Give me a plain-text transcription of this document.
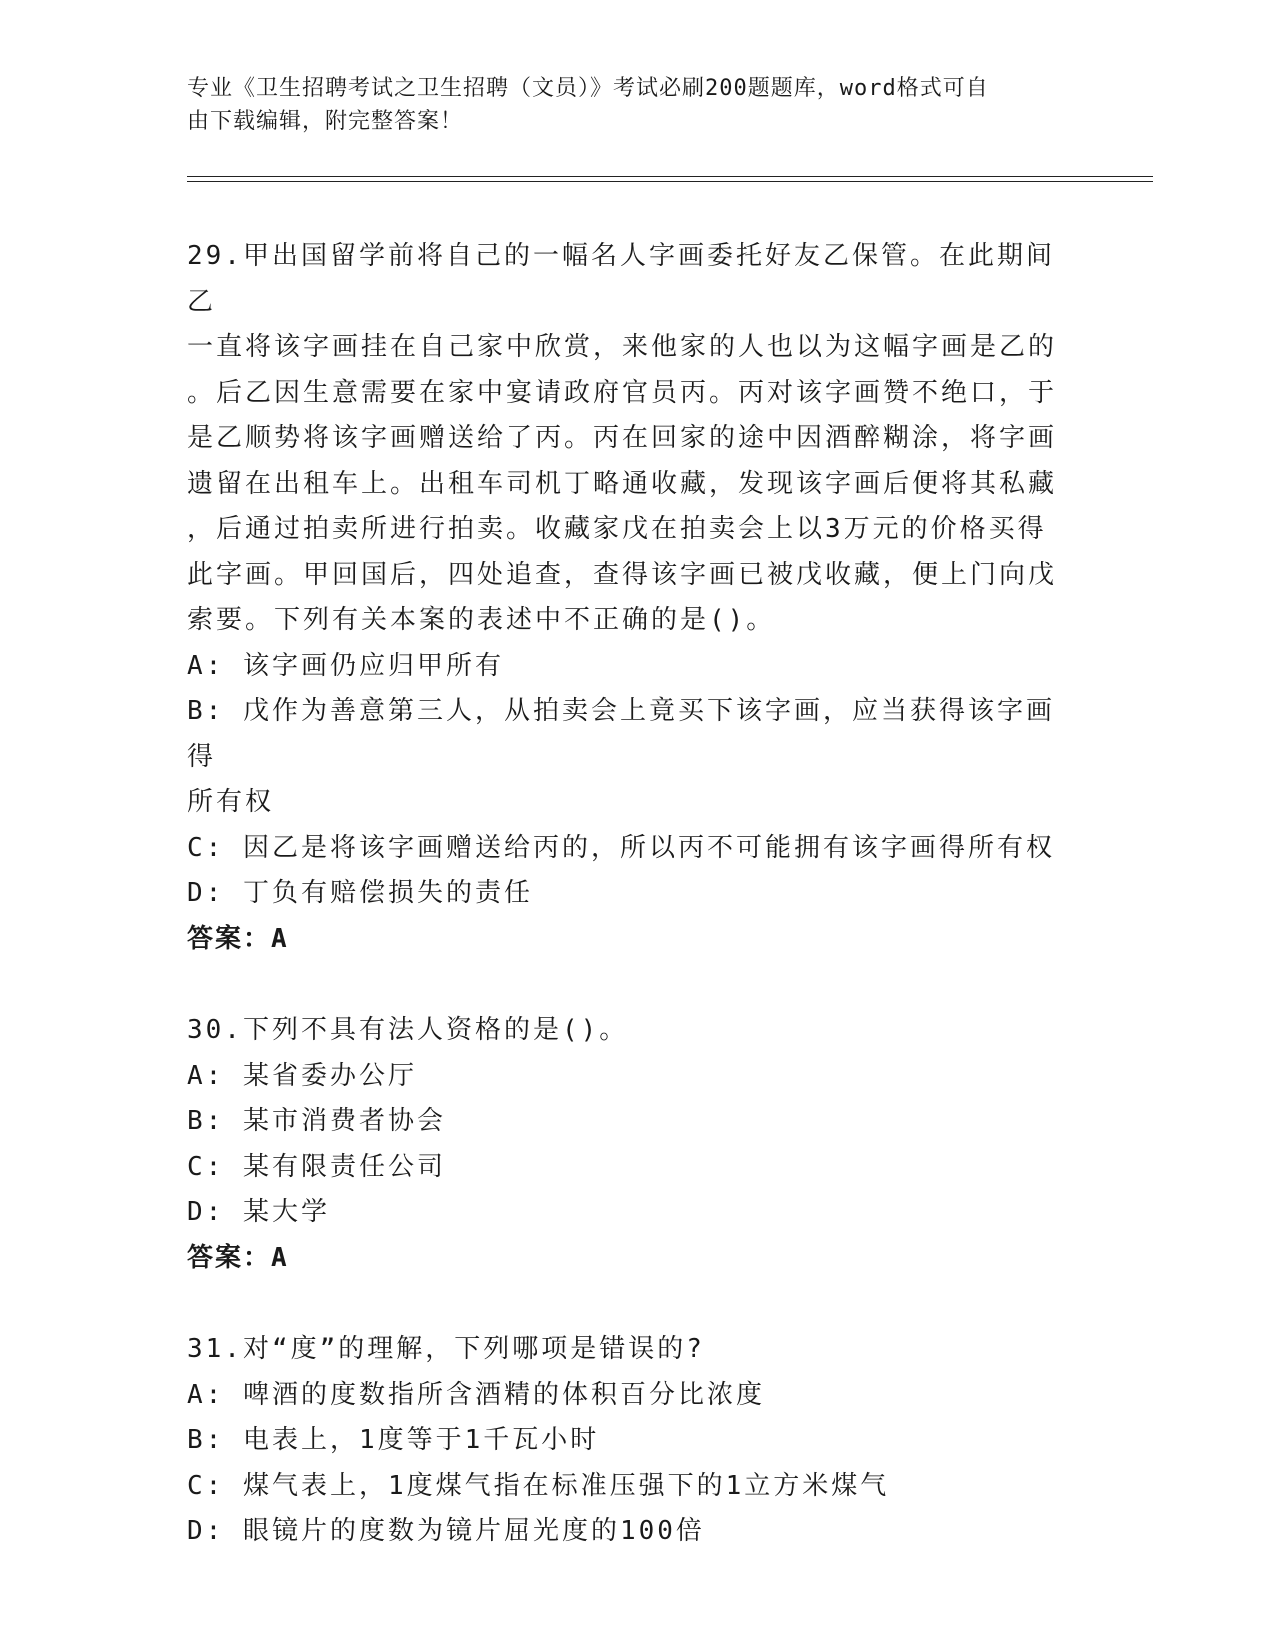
专业《卫生招聘考试之卫生招聘（文员）》考试必刷200题题库，word格式可自

由下载编辑，附完整答案！

29.甲出国留学前将自己的一幅名人字画委托好友乙保管。在此期间乙

一直将该字画挂在自己家中欣赏，来他家的人也以为这幅字画是乙的

。后乙因生意需要在家中宴请政府官员丙。丙对该字画赞不绝口，于

是乙顺势将该字画赠送给了丙。丙在回家的途中因酒醉糊涂，将字画

遗留在出租车上。出租车司机丁略通收藏，发现该字画后便将其私藏

，后通过拍卖所进行拍卖。收藏家戊在拍卖会上以3万元的价格买得

此字画。甲回国后，四处追查，查得该字画已被戊收藏，便上门向戊

索要。下列有关本案的表述中不正确的是()。

A: 该字画仍应归甲所有

B: 戊作为善意第三人，从拍卖会上竟买下该字画，应当获得该字画得

所有权

C: 因乙是将该字画赠送给丙的，所以丙不可能拥有该字画得所有权

D: 丁负有赔偿损失的责任

答案：A

30.下列不具有法人资格的是()。

A: 某省委办公厅

B: 某市消费者协会

C: 某有限责任公司

D: 某大学

答案：A

31.对“度”的理解，下列哪项是错误的?

A: 啤酒的度数指所含酒精的体积百分比浓度

B: 电表上，1度等于1千瓦小时

C: 煤气表上，1度煤气指在标准压强下的1立方米煤气

D: 眼镜片的度数为镜片屈光度的100倍
